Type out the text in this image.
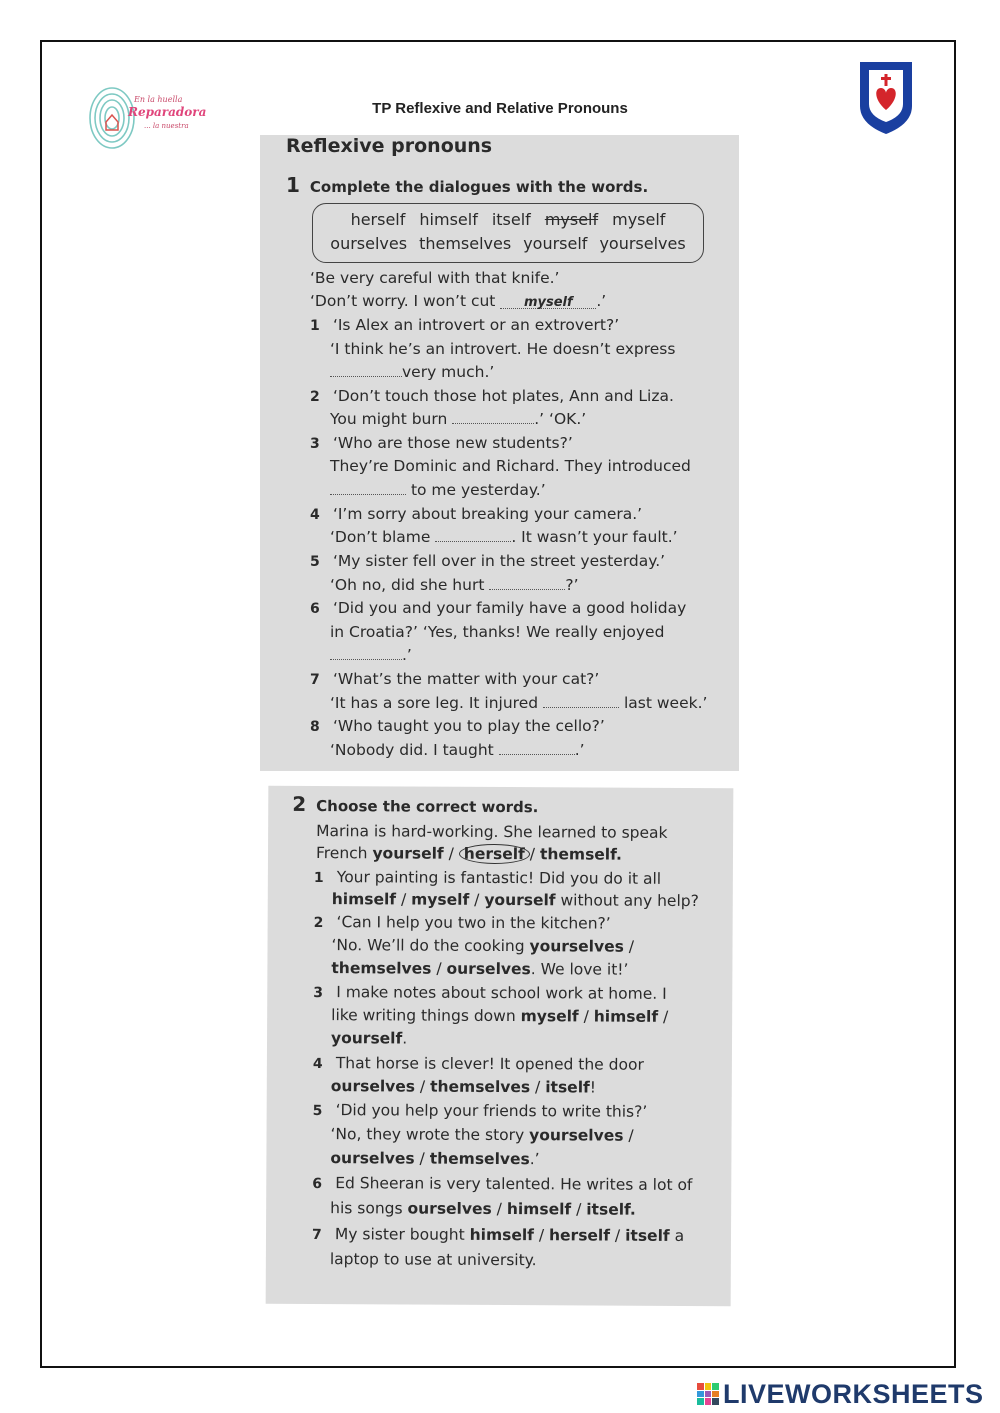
En la huella
Reparadora
... la nuestra
TP Reflexive and Relative Pronouns
Reflexive pronouns
1 Complete the dialogues with the words.
herself himself itself myself myself
ourselves themselves yourself yourselves
‘Be very careful with that knife.’
‘Don’t worry. I won’t cut myself .’
1 ‘Is Alex an introvert or an extrovert?’
‘I think he’s an introvert. He doesn’t express
very much.’
2 ‘Don’t touch those hot plates, Ann and Liza.
You might burn	.’ ‘OK.’
3 ‘Who are those new students?’
They’re Dominic and Richard. They introduced
to me yesterday.’
4 ‘I’m sorry about breaking your camera.’
‘Don’t blame	. It wasn’t your fault.’
5 ‘My sister fell over in the street yesterday.’
‘Oh no, did she hurt	?’
6 ‘Did you and your family have a good holiday
in Croatia?’ ‘Yes, thanks! We really enjoyed
.’
7 ‘What’s the matter with your cat?’
‘It has a sore leg. It injured	last week.’
8 ‘Who taught you to play the cello?’
‘Nobody did. I taught	.’
2 Choose the correct words.
Marina is hard-working. She learned to speak
French yourself / herself / themself.
1 Your painting is fantastic! Did you do it all
himself / myself / yourself without any help?
2 ‘Can I help you two in the kitchen?’
‘No. We’ll do the cooking yourselves /
themselves / ourselves. We love it!’
3 I make notes about school work at home. I
like writing things down myself / himself /
yourself.
4 That horse is clever! It opened the door
ourselves / themselves / itself!
5 ‘Did you help your friends to write this?’
‘No, they wrote the story yourselves /
ourselves / themselves.’
6 Ed Sheeran is very talented. He writes a lot of
his songs ourselves / himself / itself.
7 My sister bought himself / herself / itself a
laptop to use at university.
LIVEWORKSHEETS
